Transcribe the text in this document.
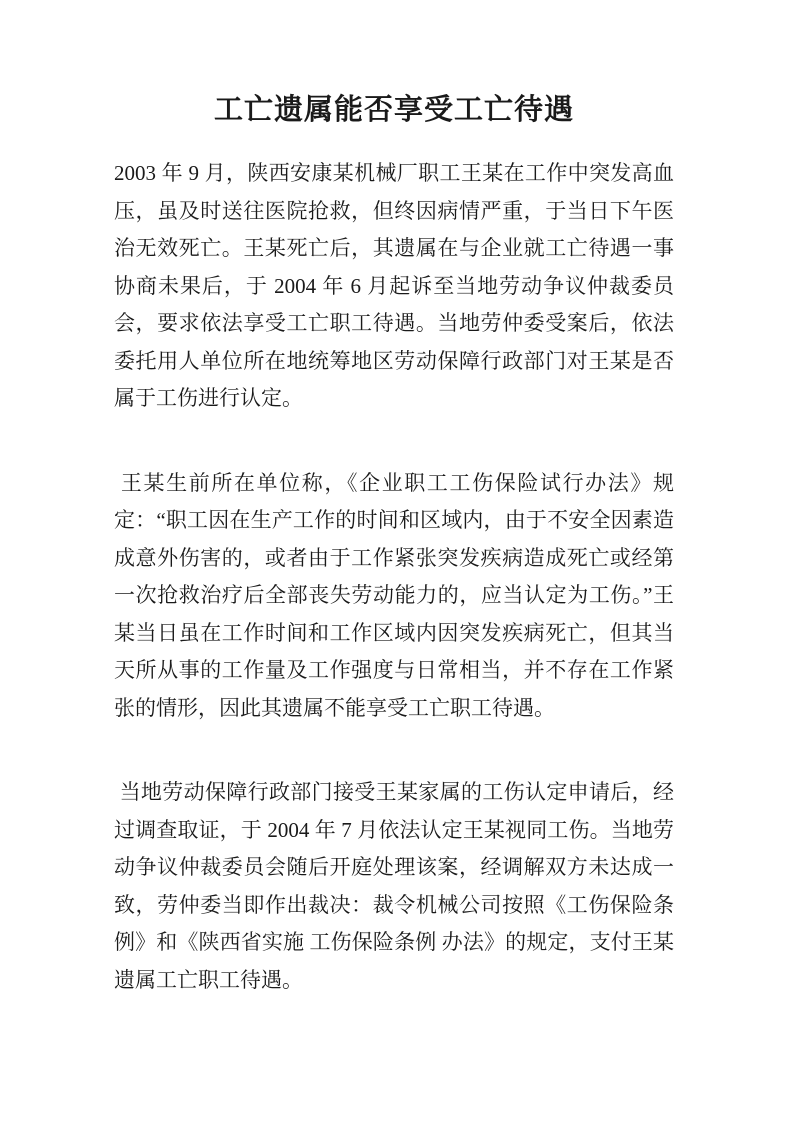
工亡遗属能否享受工亡待遇

2003 年 9 月，陕西安康某机械厂职工王某在工作中突发高血压，虽及时送往医院抢救，但终因病情严重，于当日下午医治无效死亡。王某死亡后，其遗属在与企业就工亡待遇一事协商未果后，于 2004 年 6 月起诉至当地劳动争议仲裁委员会，要求依法享受工亡职工待遇。当地劳仲委受案后，依法委托用人单位所在地统筹地区劳动保障行政部门对王某是否属于工伤进行认定。

王某生前所在单位称，《企业职工工伤保险试行办法》规定：“职工因在生产工作的时间和区域内，由于不安全因素造成意外伤害的，或者由于工作紧张突发疾病造成死亡或经第一次抢救治疗后全部丧失劳动能力的，应当认定为工伤。”王某当日虽在工作时间和工作区域内因突发疾病死亡，但其当天所从事的工作量及工作强度与日常相当，并不存在工作紧张的情形，因此其遗属不能享受工亡职工待遇。

当地劳动保障行政部门接受王某家属的工伤认定申请后，经过调查取证，于 2004 年 7 月依法认定王某视同工伤。当地劳动争议仲裁委员会随后开庭处理该案，经调解双方未达成一致，劳仲委当即作出裁决：裁令机械公司按照《工伤保险条例》和《陕西省实施 工伤保险条例 办法》的规定，支付王某遗属工亡职工待遇。
